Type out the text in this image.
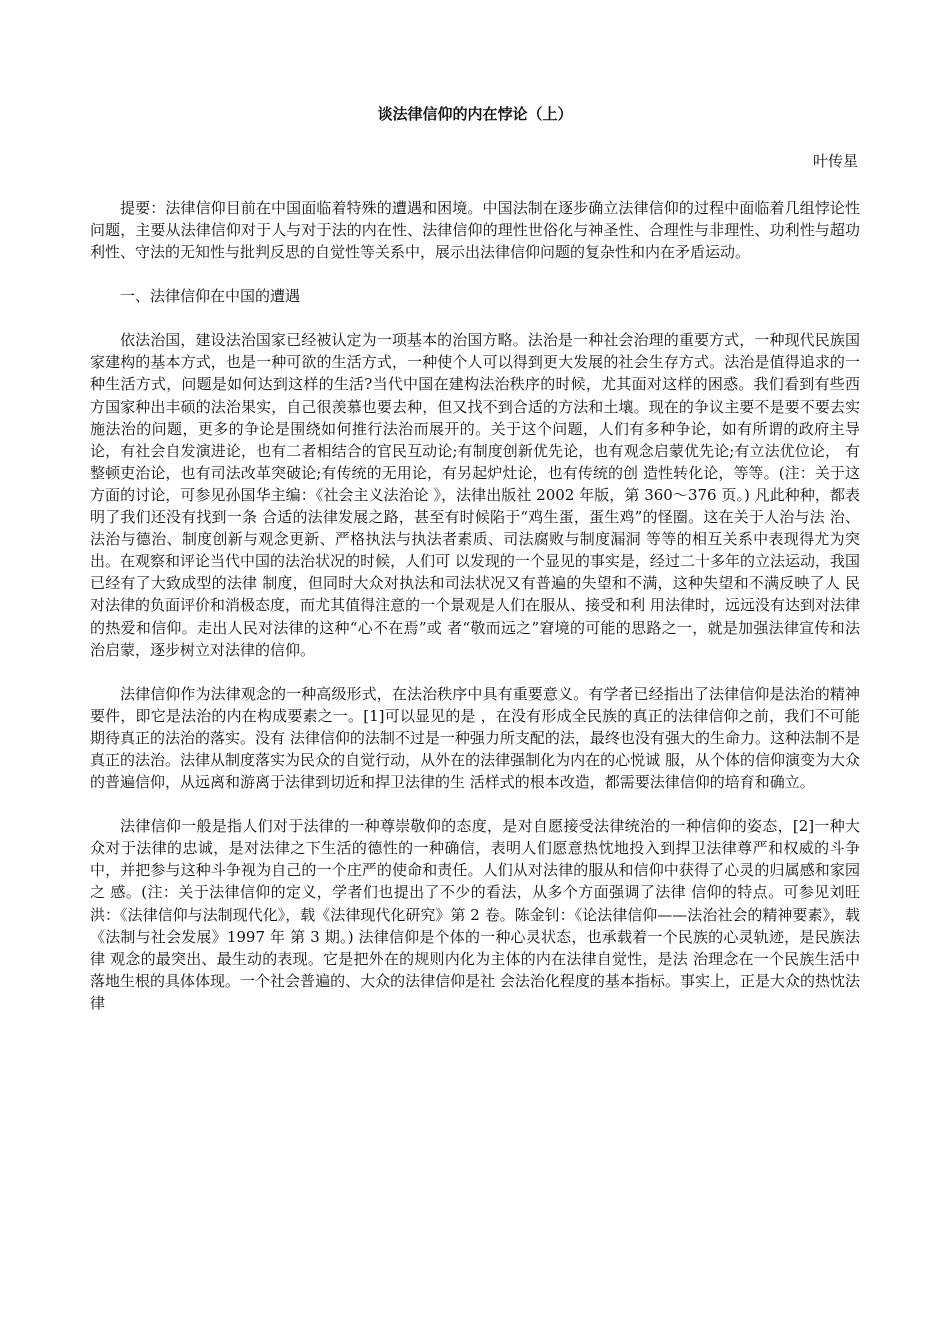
谈法律信仰的内在悖论（上）
叶传星

提要：法律信仰目前在中国面临着特殊的遭遇和困境。中国法制在逐步确立法律信仰的过程中面临着几组悖论性问题，主要从法律信仰对于人与对于法的内在性、法律信仰的理性世俗化与神圣性、合理性与非理性、功利性与超功利性、守法的无知性与批判反思的自觉性等关系中，展示出法律信仰问题的复杂性和内在矛盾运动。

一、法律信仰在中国的遭遇

依法治国，建设法治国家已经被认定为一项基本的治国方略。法治是一种社会治理的重要方式，一种现代民族国家建构的基本方式，也是一种可欲的生活方式，一种使个人可以得到更大发展的社会生存方式。法治是值得追求的一种生活方式，问题是如何达到这样的生活?当代中国在建构法治秩序的时候，尤其面对这样的困惑。我们看到有些西方国家种出丰硕的法治果实，自己很羡慕也要去种，但又找不到合适的方法和土壤。现在的争议主要不是要不要去实施法治的问题，更多的争论是围绕如何推行法治而展开的。关于这个问题，人们有多种争论，如有所谓的政府主导论，有社会自发演进论，也有二者相结合的官民互动论;有制度创新优先论，也有观念启蒙优先论;有立法优位论， 有整顿吏治论，也有司法改革突破论;有传统的无用论，有另起炉灶论，也有传统的创 造性转化论，等等。(注：关于这方面的讨论，可参见孙国华主编：《社会主义法治论 》，法律出版社 2002 年版，第 360～376 页。) 凡此种种，都表明了我们还没有找到一条 合适的法律发展之路，甚至有时候陷于“鸡生蛋，蛋生鸡”的怪圈。这在关于人治与法 治、法治与德治、制度创新与观念更新、严格执法与执法者素质、司法腐败与制度漏洞 等等的相互关系中表现得尤为突出。在观察和评论当代中国的法治状况的时候，人们可 以发现的一个显见的事实是，经过二十多年的立法运动，我国已经有了大致成型的法律 制度，但同时大众对执法和司法状况又有普遍的失望和不满，这种失望和不满反映了人 民对法律的负面评价和消极态度，而尤其值得注意的一个景观是人们在服从、接受和利 用法律时，远远没有达到对法律的热爱和信仰。走出人民对法律的这种“心不在焉”或 者“敬而远之”窘境的可能的思路之一，就是加强法律宣传和法治启蒙，逐步树立对法律的信仰。

法律信仰作为法律观念的一种高级形式，在法治秩序中具有重要意义。有学者已经指出了法律信仰是法治的精神要件，即它是法治的内在构成要素之一。[1]可以显见的是 ，在没有形成全民族的真正的法律信仰之前，我们不可能期待真正的法治的落实。没有 法律信仰的法制不过是一种强力所支配的法，最终也没有强大的生命力。这种法制不是真正的法治。法律从制度落实为民众的自觉行动，从外在的法律强制化为内在的心悦诚 服，从个体的信仰演变为大众的普遍信仰，从远离和游离于法律到切近和捍卫法律的生 活样式的根本改造，都需要法律信仰的培育和确立。

法律信仰一般是指人们对于法律的一种尊崇敬仰的态度，是对自愿接受法律统治的一种信仰的姿态，[2]一种大众对于法律的忠诚，是对法律之下生活的德性的一种确信，表明人们愿意热忱地投入到捍卫法律尊严和权威的斗争中，并把参与这种斗争视为自己的一个庄严的使命和责任。人们从对法律的服从和信仰中获得了心灵的归属感和家园之 感。(注：关于法律信仰的定义，学者们也提出了不少的看法，从多个方面强调了法律 信仰的特点。可参见刘旺洪：《法律信仰与法制现代化》，载《法律现代化研究》第 2 卷。陈金钊：《论法律信仰——法治社会的精神要素》，载《法制与社会发展》1997 年 第 3 期。) 法律信仰是个体的一种心灵状态，也承载着一个民族的心灵轨迹，是民族法律 观念的最突出、最生动的表现。它是把外在的规则内化为主体的内在法律自觉性，是法 治理念在一个民族生活中落地生根的具体体现。一个社会普遍的、大众的法律信仰是社 会法治化程度的基本指标。事实上，正是大众的热忱法律
